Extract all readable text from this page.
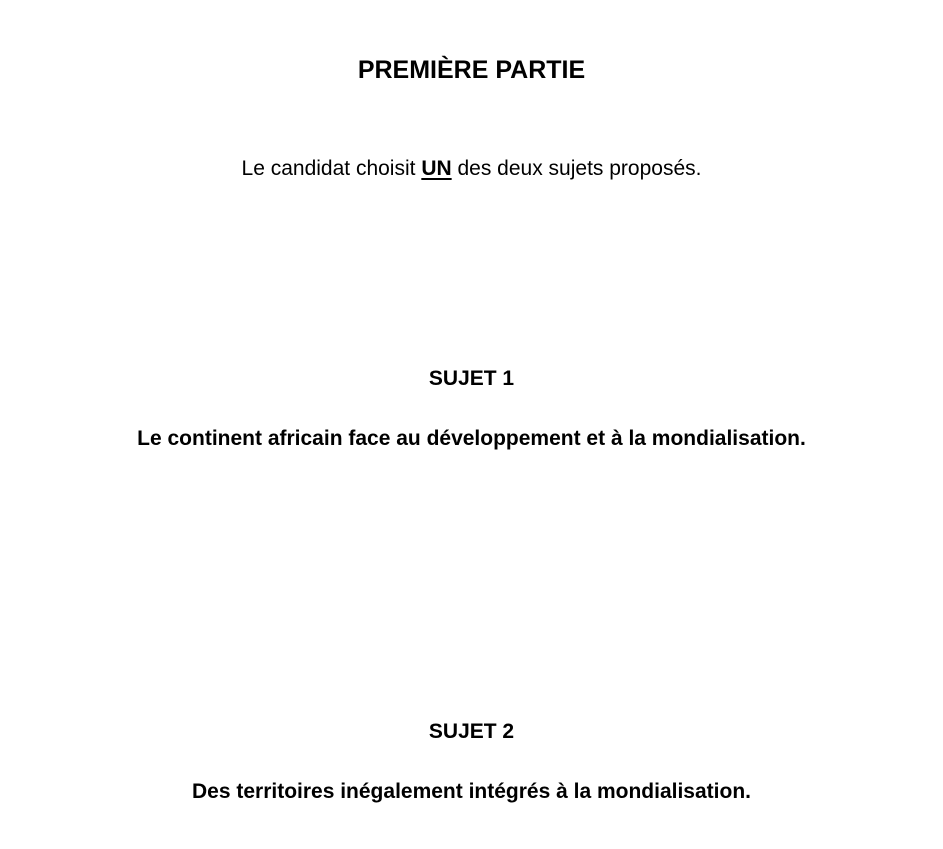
PREMIÈRE PARTIE
Le candidat choisit UN des deux sujets proposés.
SUJET 1
Le continent africain face au développement et à la mondialisation.
SUJET 2
Des territoires inégalement intégrés à la mondialisation.
